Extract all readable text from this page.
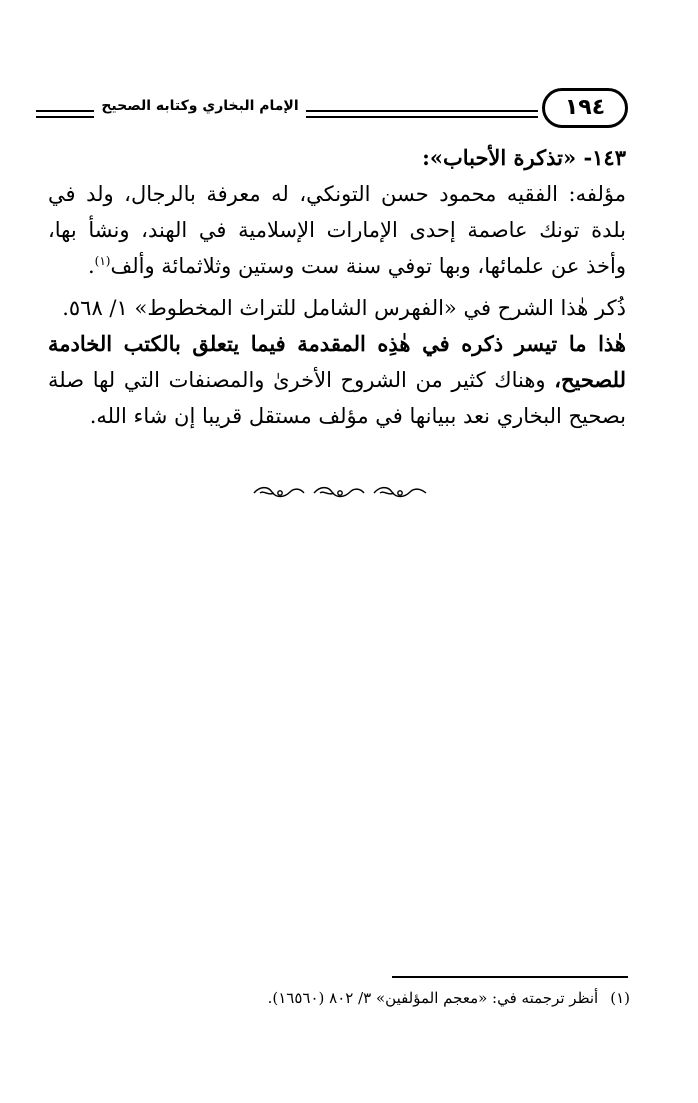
الإمام البخاري وكتابه الصحيح	١٩٤

١٤٣- «تذكرة الأحباب»:

مؤلفه: الفقيه محمود حسن التونكي، له معرفة بالرجال، ولد في بلدة تونك عاصمة إحدى الإمارات الإسلامية في الهند، ونشأ بها، وأخذ عن علمائها، وبها توفي سنة ست وستين وثلاثمائة وألف$^{(١)}$.

ذُكر هٰذا الشرح في «الفهرس الشامل للتراث المخطوط» ١/ ٥٦٨.

هٰذا ما تيسر ذكره في هٰذِه المقدمة فيما يتعلق بالكتب الخادمة للصحيح، وهناك كثير من الشروح الأخرىٰ والمصنفات التي لها صلة بصحيح البخاري نعد ببيانها في مؤلف مستقل قريبا إن شاء الله.

(١)أنظر ترجمته في: «معجم المؤلفين» ٣/ ٨٠٢ (١٦٥٦٠).
